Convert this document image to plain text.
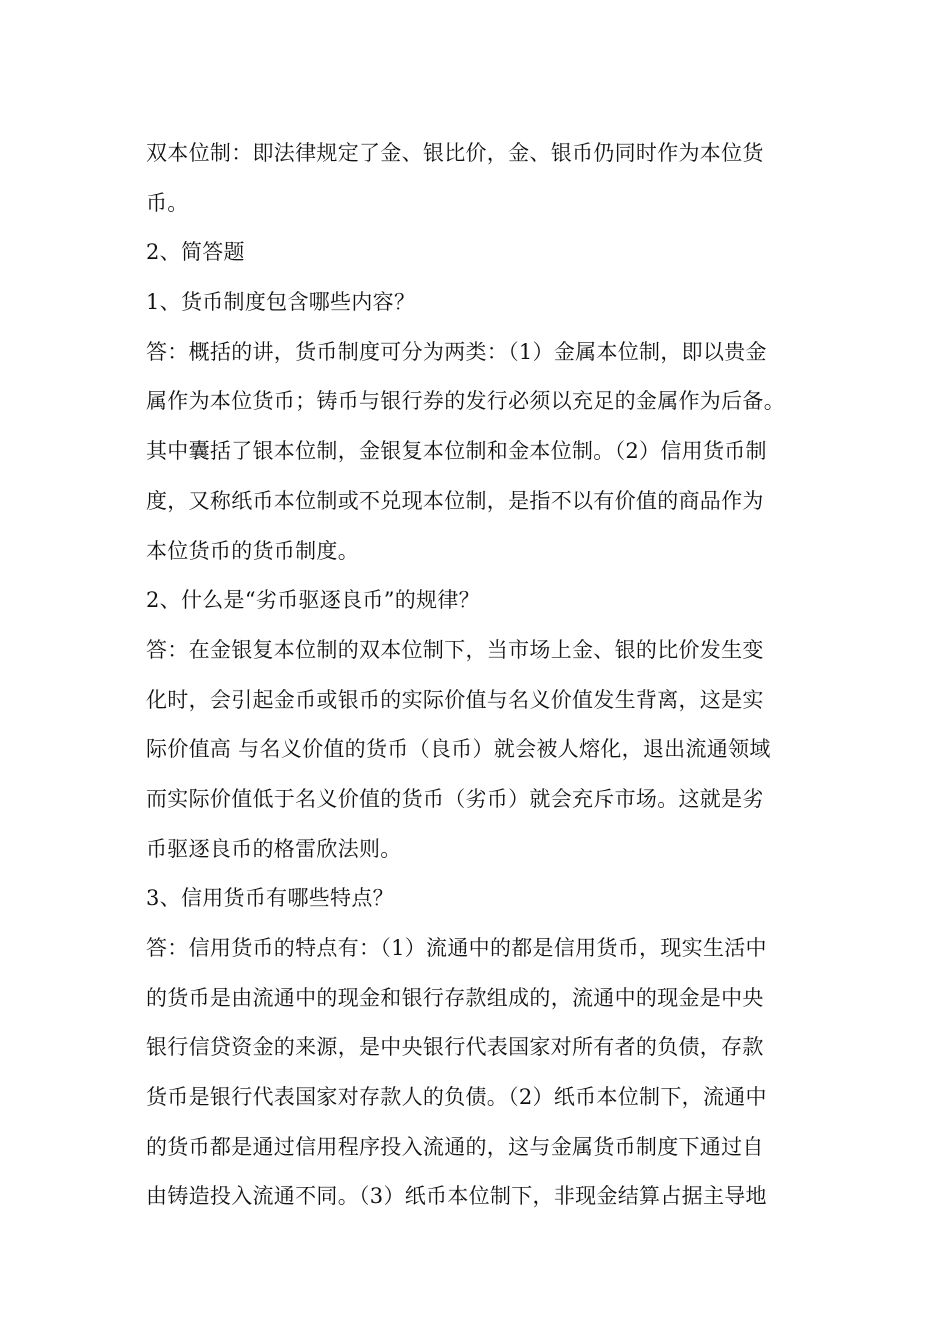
双本位制：即法律规定了金、银比价，金、银币仍同时作为本位货
币。
2、简答题
1、货币制度包含哪些内容？
答：概括的讲，货币制度可分为两类：（1）金属本位制，即以贵金
属作为本位货币；铸币与银行券的发行必须以充足的金属作为后备。
其中囊括了银本位制，金银复本位制和金本位制。（2）信用货币制
度，又称纸币本位制或不兑现本位制，是指不以有价值的商品作为
本位货币的货币制度。
2、什么是“劣币驱逐良币”的规律？
答：在金银复本位制的双本位制下，当市场上金、银的比价发生变
化时，会引起金币或银币的实际价值与名义价值发生背离，这是实
际价值高 与名义价值的货币（良币）就会被人熔化，退出流通领域
而实际价值低于名义价值的货币（劣币）就会充斥市场。这就是劣
币驱逐良币的格雷欣法则。
3、信用货币有哪些特点？
答：信用货币的特点有：（1）流通中的都是信用货币，现实生活中
的货币是由流通中的现金和银行存款组成的，流通中的现金是中央
银行信贷资金的来源，是中央银行代表国家对所有者的负债，存款
货币是银行代表国家对存款人的负债。（2）纸币本位制下，流通中
的货币都是通过信用程序投入流通的，这与金属货币制度下通过自
由铸造投入流通不同。（3）纸币本位制下，非现金结算占据主导地
